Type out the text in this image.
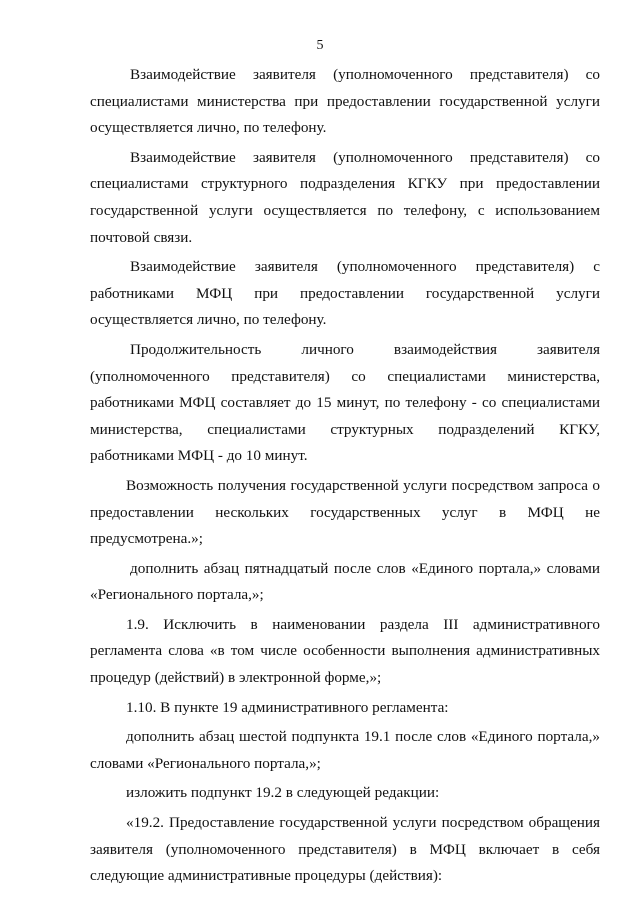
5

Взаимодействие заявителя (уполномоченного представителя) со специалистами министерства при предоставлении государственной услуги осуществляется лично, по телефону.

Взаимодействие заявителя (уполномоченного представителя) со специалистами структурного подразделения КГКУ при предоставлении государственной услуги осуществляется по телефону, с использованием почтовой связи.

Взаимодействие заявителя (уполномоченного представителя) с работниками МФЦ при предоставлении государственной услуги осуществляется лично, по телефону.

Продолжительность личного взаимодействия заявителя (уполномоченного представителя) со специалистами министерства, работниками МФЦ составляет до 15 минут, по телефону - со специалистами министерства, специалистами структурных подразделений КГКУ, работниками МФЦ - до 10 минут.

Возможность получения государственной услуги посредством запроса о предоставлении нескольких государственных услуг в МФЦ не предусмотрена.»;

дополнить абзац пятнадцатый после слов «Единого портала,» словами «Регионального портала,»;

1.9. Исключить в наименовании раздела III административного регламента слова «в том числе особенности выполнения административных процедур (действий) в электронной форме,»;

1.10. В пункте 19 административного регламента:

дополнить абзац шестой подпункта 19.1 после слов «Единого портала,» словами «Регионального портала,»;

изложить подпункт 19.2 в следующей редакции:

«19.2. Предоставление государственной услуги посредством обращения заявителя (уполномоченного представителя) в МФЦ включает в себя следующие административные процедуры (действия):
